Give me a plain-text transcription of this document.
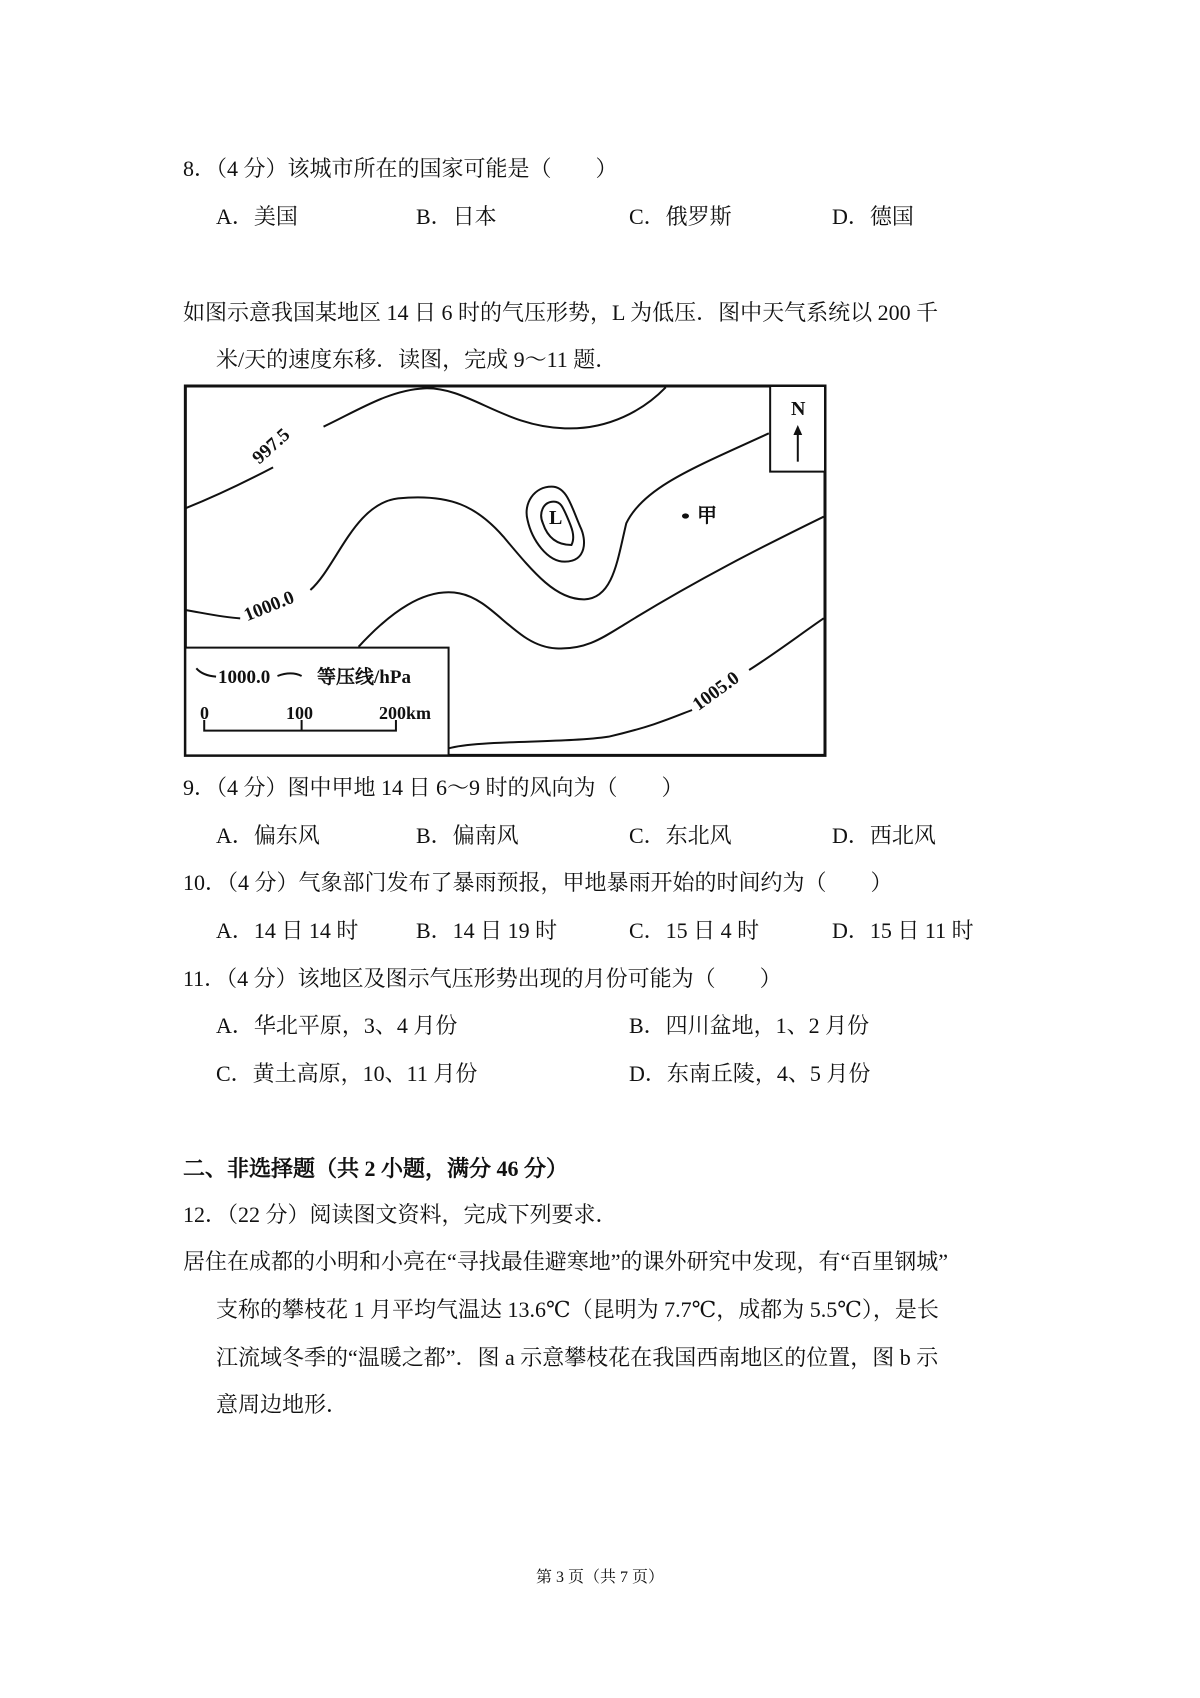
8．（4 分）该城市所在的国家可能是（　　）
A．美国	B．日本	C．俄罗斯	D．德国
如图示意我国某地区 14 日 6 时的气压形势，L 为低压．图中天气系统以 200 千
米/天的速度东移．读图，完成 9～11 题．
997.5
1000.0
1005.0
L	甲
N
1000.0 等压线/hPa
0	100	200km
9．（4 分）图中甲地 14 日 6～9 时的风向为（　　）
A．偏东风	B．偏南风	C．东北风	D．西北风
10．（4 分）气象部门发布了暴雨预报，甲地暴雨开始的时间约为（　　）
A．14 日 14 时	B．14 日 19 时	C．15 日 4 时	D．15 日 11 时
11．（4 分）该地区及图示气压形势出现的月份可能为（　　）
A．华北平原，3、4 月份	B．四川盆地，1、2 月份
C．黄土高原，10、11 月份	D．东南丘陵，4、5 月份
二、非选择题（共 2 小题，满分 46 分）
12．（22 分）阅读图文资料，完成下列要求．
居住在成都的小明和小亮在“寻找最佳避寒地”的课外研究中发现，有“百里钢城”
支称的攀枝花 1 月平均气温达 13.6℃（昆明为 7.7℃，成都为 5.5℃），是长
江流域冬季的“温暖之都”．图 a 示意攀枝花在我国西南地区的位置，图 b 示
意周边地形．
第 3 页（共 7 页）
